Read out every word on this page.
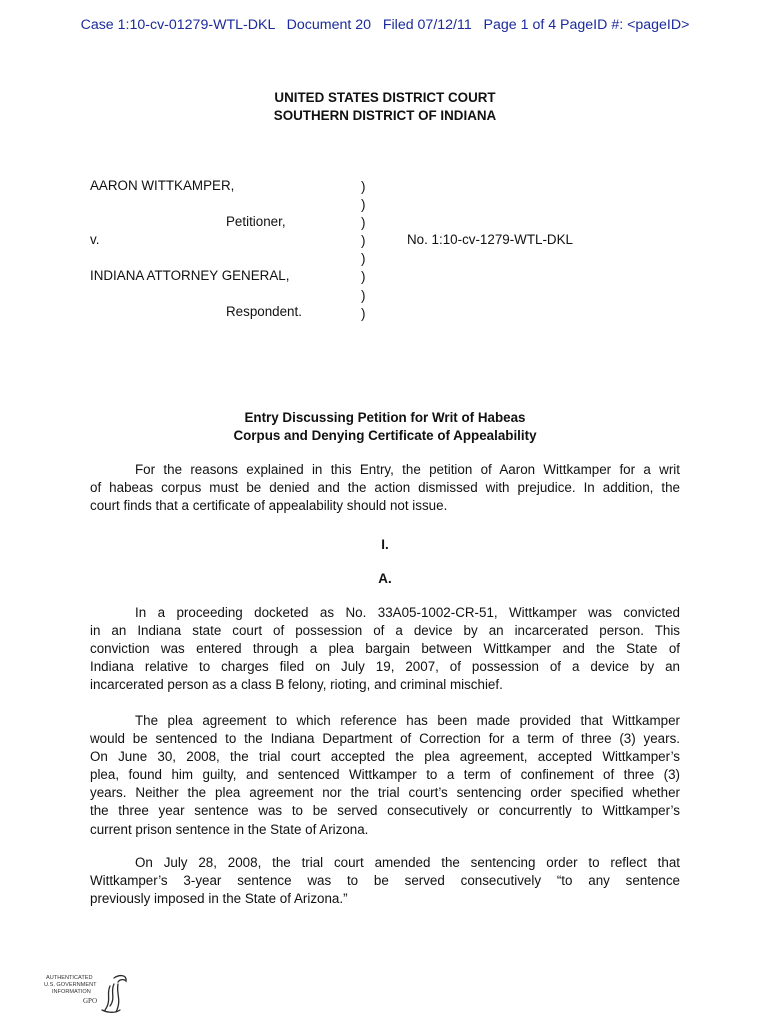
Case 1:10-cv-01279-WTL-DKL   Document 20   Filed 07/12/11   Page 1 of 4 PageID #: <pageID>
UNITED STATES DISTRICT COURT
SOUTHERN DISTRICT OF INDIANA
AARON WITTKAMPER,
Petitioner,
v.	No. 1:10-cv-1279-WTL-DKL
INDIANA ATTORNEY GENERAL,
Respondent.
)
)
)
)
)
)
)
)
Entry Discussing Petition for Writ of Habeas
Corpus and Denying Certificate of Appealability
For the reasons explained in this Entry, the petition of Aaron Wittkamper for a writ
of habeas corpus must be denied and the action dismissed with prejudice. In addition, the
court finds that a certificate of appealability should not issue.
I.
A.
In a proceeding docketed as No. 33A05-1002-CR-51, Wittkamper was convicted
in an Indiana state court of possession of a device by an incarcerated person. This
conviction was entered through a plea bargain between Wittkamper and the State of
Indiana relative to charges filed on July 19, 2007, of possession of a device by an
incarcerated person as a class B felony, rioting, and criminal mischief.
The plea agreement to which reference has been made provided that Wittkamper
would be sentenced to the Indiana Department of Correction for a term of three (3) years.
On June 30, 2008, the trial court accepted the plea agreement, accepted Wittkamper’s
plea, found him guilty, and sentenced Wittkamper to a term of confinement of three (3)
years. Neither the plea agreement nor the trial court’s sentencing order specified whether
the three year sentence was to be served consecutively or concurrently to Wittkamper’s
current prison sentence in the State of Arizona.
On July 28, 2008, the trial court amended the sentencing order to reflect that
Wittkamper’s 3-year sentence was to be served consecutively “to any sentence
previously imposed in the State of Arizona.”
AUTHENTICATED
U.S. GOVERNMENT
INFORMATION
GPO
